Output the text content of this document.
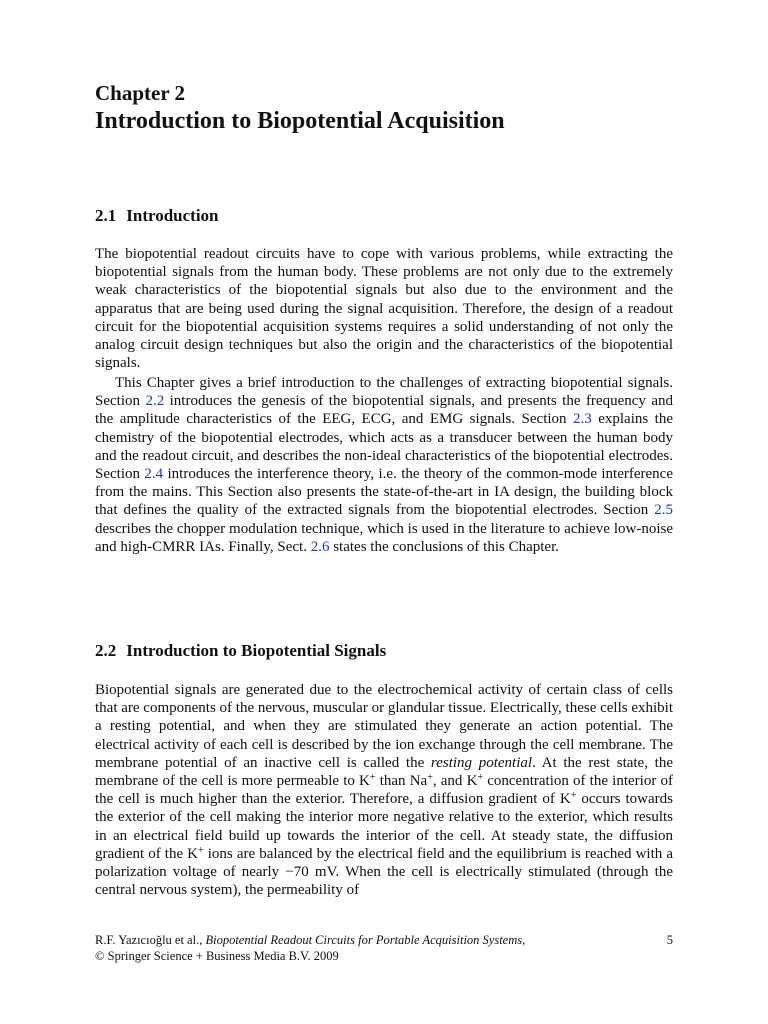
Chapter 2
Introduction to Biopotential Acquisition
2.1 Introduction

The biopotential readout circuits have to cope with various problems, while extracting the biopotential signals from the human body. These problems are not only due to the extremely weak characteristics of the biopotential signals but also due to the environment and the apparatus that are being used during the signal acquisition. Therefore, the design of a readout circuit for the biopotential acquisition systems requires a solid understanding of not only the analog circuit design techniques but also the origin and the characteristics of the biopotential signals.

This Chapter gives a brief introduction to the challenges of extracting biopotential signals. Section 2.2 introduces the genesis of the biopotential signals, and presents the frequency and the amplitude characteristics of the EEG, ECG, and EMG signals. Section 2.3 explains the chemistry of the biopotential electrodes, which acts as a transducer between the human body and the readout circuit, and describes the non-ideal characteristics of the biopotential electrodes. Section 2.4 introduces the interference theory, i.e. the theory of the common-mode interference from the mains. This Section also presents the state-of-the-art in IA design, the building block that defines the quality of the extracted signals from the biopotential electrodes. Section 2.5 describes the chopper modulation technique, which is used in the literature to achieve low-noise and high-CMRR IAs. Finally, Sect. 2.6 states the conclusions of this Chapter.

2.2 Introduction to Biopotential Signals

Biopotential signals are generated due to the electrochemical activity of certain class of cells that are components of the nervous, muscular or glandular tissue. Electrically, these cells exhibit a resting potential, and when they are stimulated they generate an action potential. The electrical activity of each cell is described by the ion exchange through the cell membrane. The membrane potential of an inactive cell is called the resting potential. At the rest state, the membrane of the cell is more permeable to K+ than Na+, and K+ concentration of the interior of the cell is much higher than the exterior. Therefore, a diffusion gradient of K+ occurs towards the exterior of the cell making the interior more negative relative to the exterior, which results in an electrical field build up towards the interior of the cell. At steady state, the diffusion gradient of the K+ ions are balanced by the electrical field and the equilibrium is reached with a polarization voltage of nearly −70 mV. When the cell is electrically stimulated (through the central nervous system), the permeability of

R.F. Yazıcıoğlu et al., Biopotential Readout Circuits for Portable Acquisition Systems,
© Springer Science + Business Media B.V. 2009
5
